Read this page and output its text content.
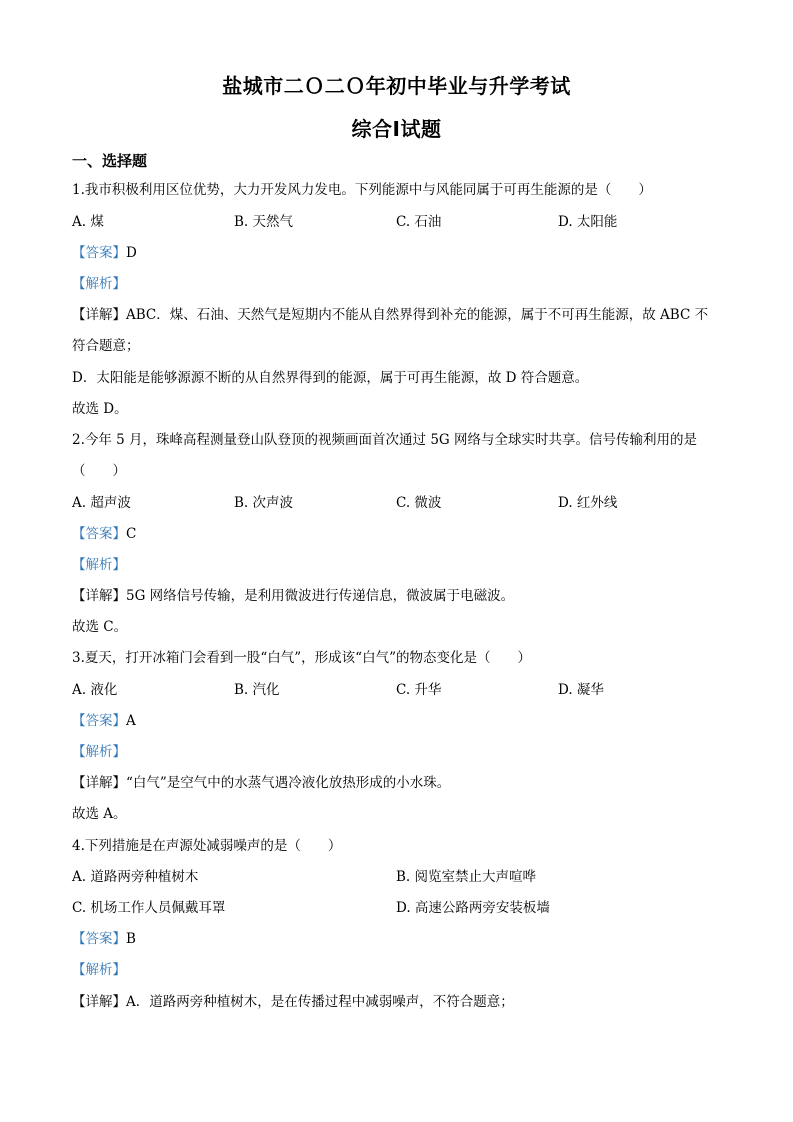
盐城市二Ｏ二Ｏ年初中毕业与升学考试
综合Ⅰ试题
一、选择题
1.我市积极利用区位优势，大力开发风力发电。下列能源中与风能同属于可再生能源的是（　　）
A. 煤	B. 天然气	C. 石油	D. 太阳能
【答案】D
【解析】
【详解】ABC．煤、石油、天然气是短期内不能从自然界得到补充的能源，属于不可再生能源，故 ABC 不
符合题意；
D．太阳能是能够源源不断的从自然界得到的能源，属于可再生能源，故 D 符合题意。
故选 D。
2.今年 5 月，珠峰高程测量登山队登顶的视频画面首次通过 5G 网络与全球实时共享。信号传输利用的是
（　　）
A. 超声波	B. 次声波	C. 微波	D. 红外线
【答案】C
【解析】
【详解】5G 网络信号传输，是利用微波进行传递信息，微波属于电磁波。
故选 C。
3.夏天，打开冰箱门会看到一股“白气”，形成该“白气”的物态变化是（　　）
A. 液化	B. 汽化	C. 升华	D. 凝华
【答案】A
【解析】
【详解】“白气”是空气中的水蒸气遇冷液化放热形成的小水珠。
故选 A。
4.下列措施是在声源处减弱噪声的是（　　）
A. 道路两旁种植树木	B. 阅览室禁止大声喧哗
C. 机场工作人员佩戴耳罩	D. 高速公路两旁安装板墙
【答案】B
【解析】
【详解】A．道路两旁种植树木，是在传播过程中减弱噪声，不符合题意；
